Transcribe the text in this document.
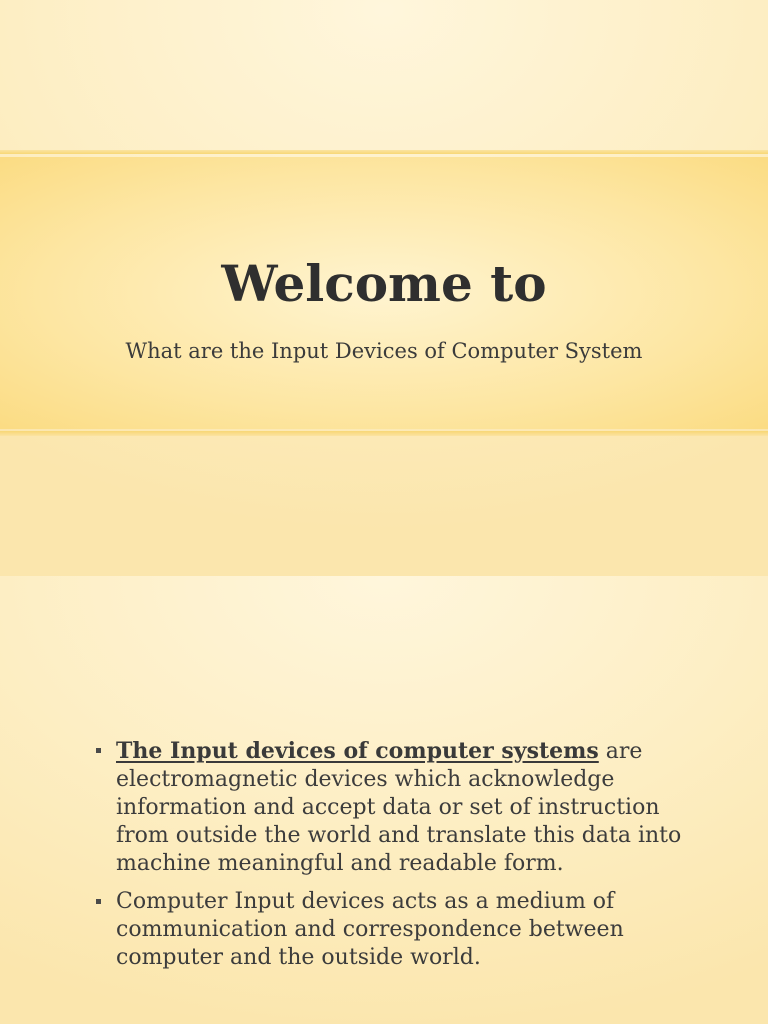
Welcome to
What are the Input Devices of Computer System
The Input devices of computer systems are electromagnetic devices which acknowledge information and accept data or set of instruction from outside the world and translate this data into machine meaningful and readable form.
Computer Input devices acts as a medium of communication and correspondence between computer and the outside world.
